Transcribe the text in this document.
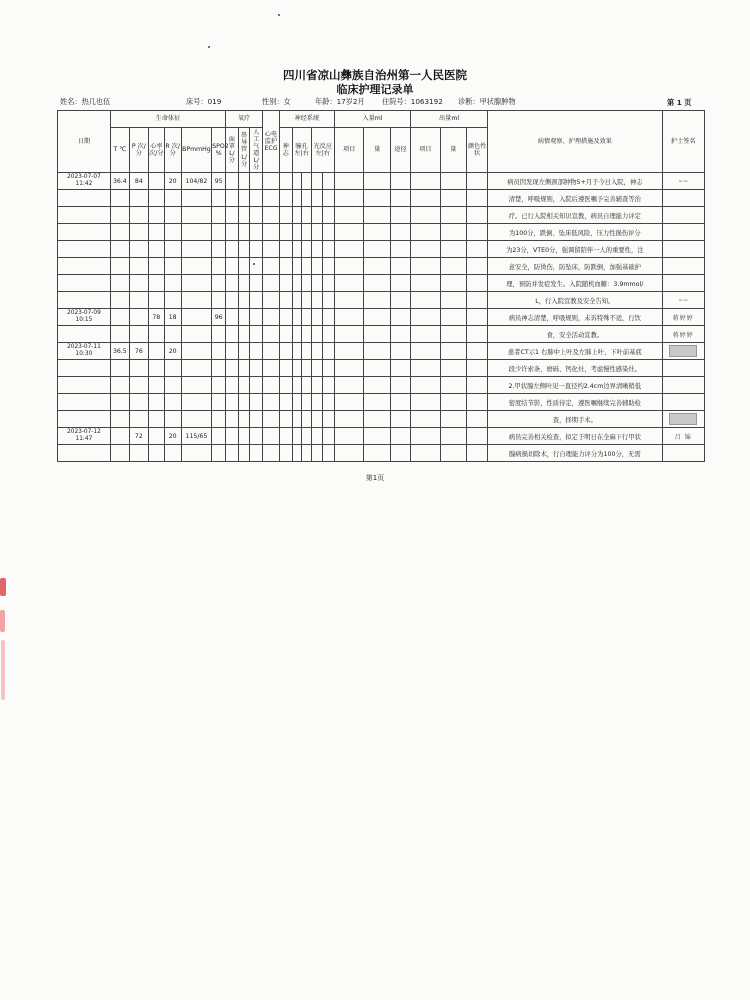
四川省凉山彝族自治州第一人民医院
临床护理记录单
姓名：热几也伍	床号：019	性别：女	年龄：17岁2月 住院号：1063192 诊断：甲状腺肿物	第 1 页
日期	生命体征						氧疗			心电监护ECG	神经系统					入量ml			出量ml			病情观察、护理措施及效果	护士签名
	T ℃	P 次/分	心率 次/分	R 次/分	BPmmHg	SPO2 %	面罩 L/分	鼻导管 L/分	人工气道 L/分		神志	瞳孔 左|右		光反应 左|右		项目	量	途径	项目	量	颜色性状		
2023-07-07
11:42	36.4	84		20	104/82	95																病员因发现左侧颈部肿物5+月于今日入院，神志	~~
																						清楚，呼吸规则，入院后遵医嘱予完善辅查等治	
																						疗。已行入院相关知识宣教，病员自理能力评定	
																						为100分，跌倒、坠床低风险，压力性损伤评分	
																						为23分，VTE0分，强调留陪伴一人的重要性，注	
																						意安全，防烫伤，防坠床，防跌倒，加强基础护	
																						理，预防并发症发生。入院随机血糖：3.9mmol/	
																						L，行入院宣教及安全告知。	~~
2023-07-09
10:15			78	18		96																病员神志清楚，呼吸规则，未诉特殊不适，行饮	蒋婷婷
																						食，安全活动宣教。	蒋婷婷
2023-07-11
10:30	36.5	76		20																		患者CT示1 右肺中上叶及左肺上叶、下叶前基底	
																						段少许索条、磨砾、钙化灶，考虑慢性感染灶。	
																						2.甲状腺左侧叶见一直径约2.4cm边界清晰稍低	
																						密度结节影，性质待定，遵医嘱继续完善辅助检	
																						查，择期手术。	
2023-07-12
11:47		72		20	115/65																	病员完善相关检查，拟定于明日在全麻下行甲状	吕 锦
																						腺病损切除术，行自理能力评分为100分，无需	
第1页
